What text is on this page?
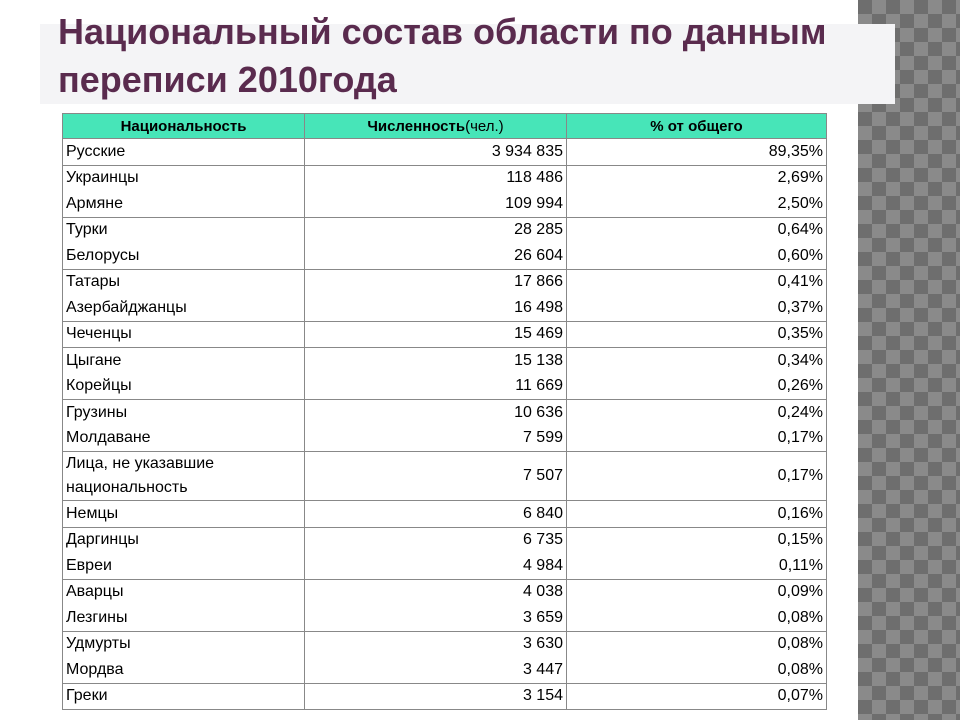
Национальный состав области по данным переписи 2010года
Национальность	Численность(чел.)	% от общего
Русские	3 934 835	89,35%
Украинцы	118 486	2,69%
Армяне	109 994	2,50%
Турки	28 285	0,64%
Белорусы	26 604	0,60%
Татары	17 866	0,41%
Азербайджанцы	16 498	0,37%
Чеченцы	15 469	0,35%
Цыгане	15 138	0,34%
Корейцы	11 669	0,26%
Грузины	10 636	0,24%
Молдаване	7 599	0,17%
Лица, не указавшие национальность	7 507	0,17%
Немцы	6 840	0,16%
Даргинцы	6 735	0,15%
Евреи	4 984	0,11%
Аварцы	4 038	0,09%
Лезгины	3 659	0,08%
Удмурты	3 630	0,08%
Мордва	3 447	0,08%
Греки	3 154	0,07%
